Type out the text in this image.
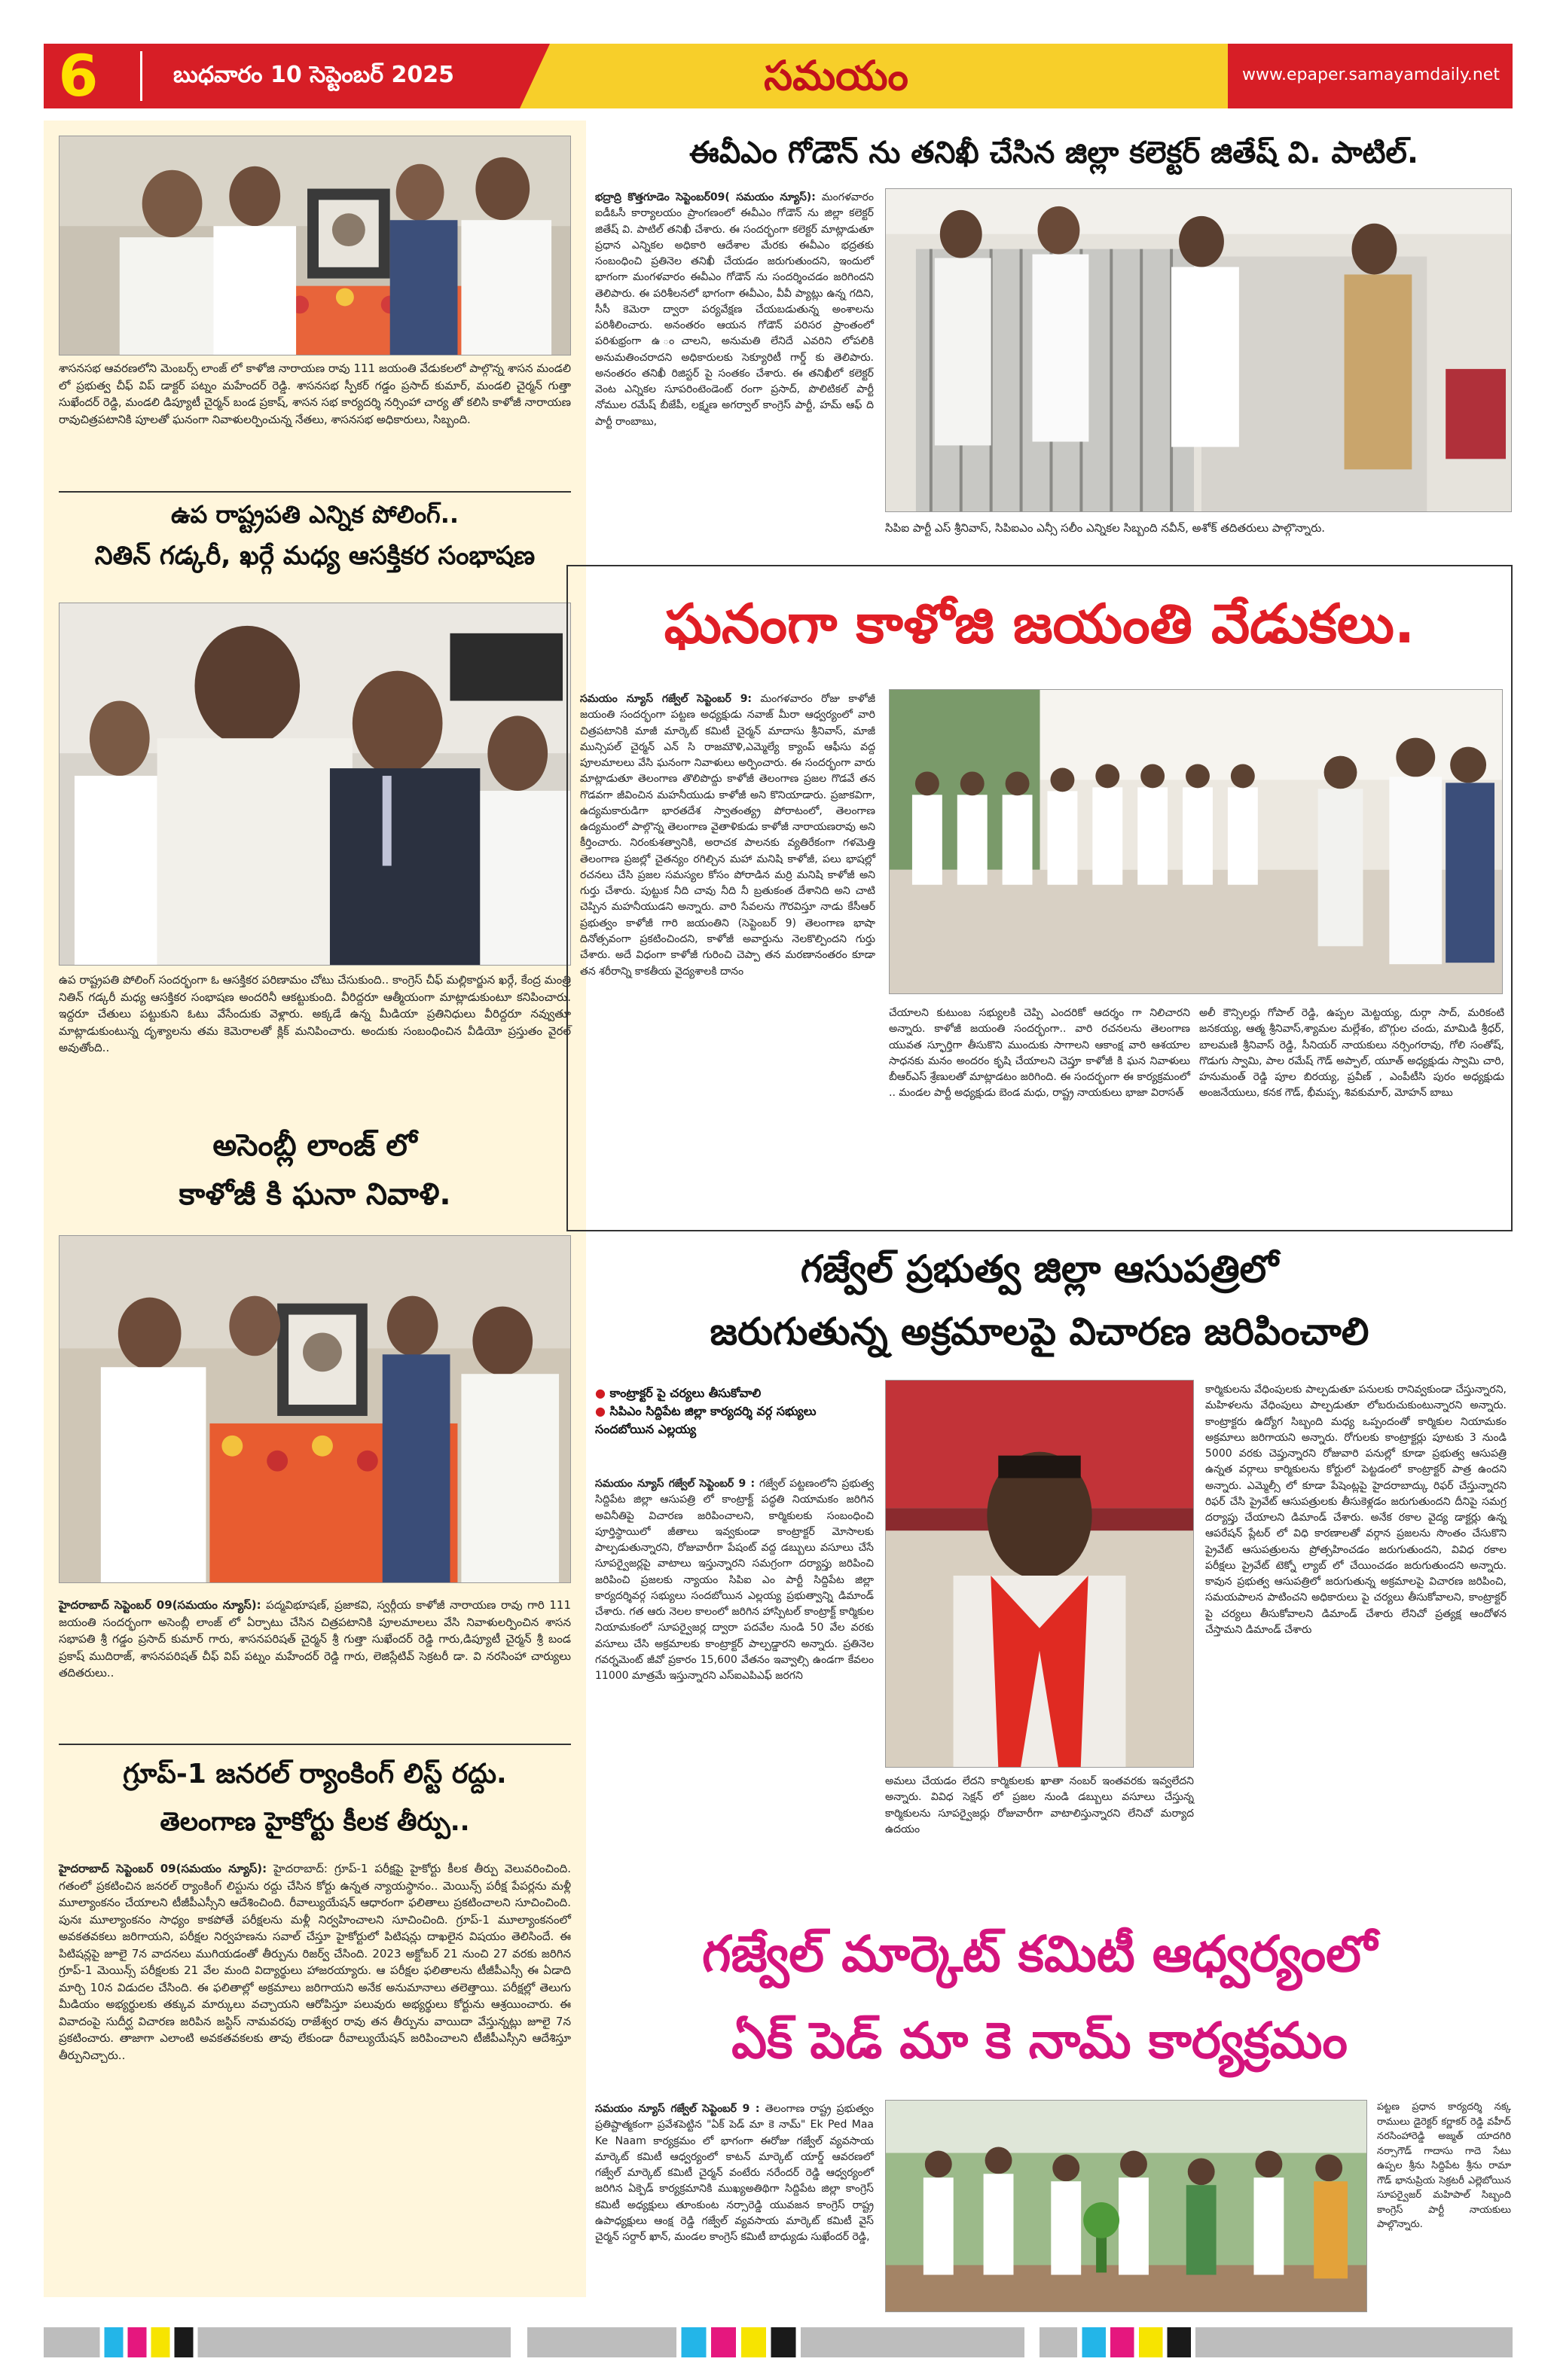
6	బుధవారం 10 సెప్టెంబర్ 2025	సమయం	www.epaper.samayamdaily.net
శాసనసభ ఆవరణలోని మెంబర్స్ లాంజ్ లో కాళోజి నారాయణ రావు 111 జయంతి వేడుకలలో పాల్గొన్న శాసన మండలి లో ప్రభుత్వ చీఫ్ విప్ డాక్టర్ పట్నం మహేందర్ రెడ్డి. శాసనసభ స్పీకర్ గడ్డం ప్రసాద్ కుమార్, మండలి చైర్మన్ గుత్తా సుఖేందర్ రెడ్డి, మండలి డిప్యూటీ చైర్మన్ బండ ప్రకాష్, శాసన సభ కార్యదర్శి నర్సింహా చార్య తో కలిసి కాళోజీ నారాయణ రావుచిత్రపటానికి పూలతో ఘనంగా నివాళులర్పించున్న నేతలు, శాసనసభ అధికారులు, సిబ్బంది.
ఉప రాష్ట్రపతి ఎన్నిక పోలింగ్..
నితిన్ గడ్కరీ, ఖర్గే మధ్య ఆసక్తికర సంభాషణ
ఉప రాష్ట్రపతి పోలింగ్ సందర్భంగా ఓ ఆసక్తికర పరిణామం చోటు చేసుకుంది.. కాంగ్రెస్ చీఫ్ మల్లికార్జున ఖర్గే, కేంద్ర మంత్రి నితిన్ గడ్కరీ మధ్య ఆసక్తికర సంభాషణ అందరినీ ఆకట్టుకుంది. వీరిద్దరూ ఆత్మీయంగా మాట్లాడుకుంటూ కనిపించారు. ఇద్దరూ చేతులు పట్టుకుని ఓటు వేసేందుకు వెళ్లారు. అక్కడే ఉన్న మీడియా ప్రతినిధులు వీరిద్దరూ నవ్వుతూ మాట్లాడుకుంటున్న దృశ్యాలను తమ కెమెరాలతో క్లిక్ మనిపించారు. అందుకు సంబంధించిన వీడియో ప్రస్తుతం వైరల్ అవుతోంది..
అసెంబ్లీ లాంజ్ లో
కాళోజీ కి ఘనా నివాళి.
హైదరాబాద్ సెప్టెంబర్ 09(సమయం న్యూస్): పద్మవిభూషణ్, ప్రజాకవి, స్వర్గీయ కాళోజీ నారాయణ రావు గారి 111 జయంతి సందర్భంగా అసెంబ్లీ లాంజ్ లో ఏర్పాటు చేసిన చిత్రపటానికి పూలమాలలు వేసి నివాళులర్పించిన శాసన సభాపతి శ్రీ గడ్డం ప్రసాద్ కుమార్ గారు, శాసనపరిషత్ చైర్మన్ శ్రీ గుత్తా సుఖేందర్ రెడ్డి గారు,డిప్యూటీ చైర్మన్ శ్రీ బండ ప్రకాష్ ముదిరాజ్, శాసనపరిషత్ చీఫ్ విప్ పట్నం మహేందర్ రెడ్డి గారు, లెజిస్లేటివ్ సెక్రటరీ డా. వి నరసింహా చార్యులు తదితరులు..
గ్రూప్-1 జనరల్ ర్యాంకింగ్ లిస్ట్ రద్దు.
తెలంగాణ హైకోర్టు కీలక తీర్పు..
హైదరాబాద్ సెప్టెంబర్ 09(సమయం న్యూస్): హైదరాబాద్: గ్రూప్-1 పరీక్షపై హైకోర్టు కీలక తీర్పు వెలువరించింది. గతంలో ప్రకటించిన జనరల్ ర్యాంకింగ్ లిస్టును రద్దు చేసిన కోర్టు ఉన్నత న్యాయస్థానం.. మెయిన్స్ పరీక్ష పేపర్లను మళ్లీ మూల్యాంకనం చేయాలని టీజీపీఎస్సీని ఆదేశించింది. రీవాల్యుయేషన్ ఆధారంగా ఫలితాలు ప్రకటించాలని సూచించింది. పునః మూల్యాంకనం సాధ్యం కాకపోతే పరీక్షలను మళ్లీ నిర్వహించాలని సూచించింది. గ్రూప్-1 మూల్యాంకనంలో అవకతవకలు జరిగాయని, పరీక్షల నిర్వహణను సవాల్ చేస్తూ హైకోర్టులో పిటిషన్లు దాఖలైన విషయం తెలిసిందే. ఈ పిటిషన్లపై జూలై 7న వాదనలు ముగియడంతో తీర్పును రిజర్వ్ చేసింది. 2023 అక్టోబర్ 21 నుంచి 27 వరకు జరిగిన గ్రూప్-1 మెయిన్స్ పరీక్షలకు 21 వేల మంది విద్యార్థులు హాజరయ్యారు. ఆ పరీక్షల ఫలితాలను టీజీపీఎస్సీ ఈ ఏడాది మార్చి 10న విడుదల చేసింది. ఈ ఫలితాల్లో అక్రమాలు జరిగాయని అనేక అనుమానాలు తలెత్తాయి. పరీక్షల్లో తెలుగు మీడియం అభ్యర్థులకు తక్కువ మార్కులు వచ్చాయని ఆరోపిస్తూ పలువురు అభ్యర్థులు కోర్టును ఆశ్రయించారు. ఈ వివాదంపై సుదీర్ఘ విచారణ జరిపిన జస్టిస్ నామవరపు రాజేశ్వర రావు తన తీర్పును వాయిదా వేస్తున్నట్లు జూలై 7న ప్రకటించారు. తాజాగా ఎలాంటి అవకతవకలకు తావు లేకుండా రీవాల్యుయేషన్ జరిపించాలని టీజీపీఎస్సీని ఆదేశిస్తూ తీర్పునిచ్చారు..
ఈవీఎం గోడౌన్ ను తనిఖీ చేసిన జిల్లా కలెక్టర్ జితేష్ వి. పాటిల్.
భద్రాద్రి కొత్తగూడెం సెప్టెంబర్09( సమయం న్యూస్): మంగళవారం ఐడీఓసీ కార్యాలయం ప్రాంగణంలో ఈవీఎం గోడౌన్ ను జిల్లా కలెక్టర్ జితేష్ వి. పాటిల్ తనిఖీ చేశారు. ఈ సందర్భంగా కలెక్టర్ మాట్లాడుతూ ప్రధాన ఎన్నికల అధికారి ఆదేశాల మేరకు ఈవీఎం భద్రతకు సంబంధించి ప్రతినెల తనిఖీ చేయడం జరుగుతుందని, ఇందులో భాగంగా మంగళవారం ఈవీఎం గోడౌన్ ను సందర్శించడం జరిగిందని తెలిపారు. ఈ పరిశీలనలో భాగంగా ఈవీఎం, వీవీ ప్యాట్లు ఉన్న గదిని, సీసీ కెమెరా ద్వారా పర్యవేక్షణ చేయబడుతున్న అంశాలను పరిశీలించారు. అనంతరం ఆయన గోడౌన్ పరిసర ప్రాంతంలో పరిశుభ్రంగా ఉ ంచాలని, అనుమతి లేనిదే ఎవరిని లోపలికి అనుమతించరాదని అధికారులకు సెక్యూరిటీ గార్డ్ కు తెలిపారు. అనంతరం తనిఖీ రిజిస్టర్ పై సంతకం చేశారు. ఈ తనిఖీలో కలెక్టర్ వెంట ఎన్నికల సూపరింటెండెంట్ రంగా ప్రసాద్, పొలిటికల్ పార్టీ నోముల రమేష్ బీజేపీ, లక్ష్మణ అగర్వాల్ కాంగ్రెస్ పార్టీ, హమ్ ఆఫ్ ది పార్టీ రాంబాబు,
సిపిఐ పార్టీ ఎస్ శ్రీనివాస్, సిపిఐఎం ఎన్సీ సలీం ఎన్నికల సిబ్బంది నవీన్, అశోక్ తదితరులు పాల్గొన్నారు.
ఘనంగా కాళోజి జయంతి వేడుకలు.
సమయం న్యూస్ గజ్వేల్ సెప్టెంబర్ 9: మంగళవారం రోజు కాళోజీ జయంతి సందర్భంగా పట్టణ అధ్యక్షుడు నవాజ్ మీరా ఆధ్వర్యంలో వారి చిత్రపటానికి మాజీ మార్కెట్ కమిటీ చైర్మన్ మాదాసు శ్రీనివాస్, మాజీ మున్సిపల్ చైర్మన్ ఎన్ సి రాజమౌళి,ఎమ్మెల్యే క్యాంప్ ఆఫీసు వద్ద పూలమాలలు వేసి ఘనంగా నివాళులు అర్పించారు. ఈ సందర్భంగా వారు మాట్లాడుతూ తెలంగాణ తొలిపొద్దు కాళోజీ తెలంగాణ ప్రజల గొడవే తన గొడవగా జీవించిన మహనీయుడు కాళోజీ అని కొనియాడారు. ప్రజాకవిగా, ఉద్యమకారుడిగా భారతదేశ స్వాతంత్య్ర పోరాటంలో, తెలంగాణ ఉద్యమంలో పాల్గొన్న తెలంగాణ వైతాళికుడు కాళోజీ నారాయణరావు అని కీర్తించారు. నిరంకుశత్వానికి, అరాచక పాలనకు వ్యతిరేకంగా గళమెత్తి తెలంగాణ ప్రజల్లో చైతన్యం రగిల్చిన మహా మనిషి కాళోజీ, పలు భాషల్లో రచనలు చేసి ప్రజల సమస్యల కోసం పోరాడిన మర్రి మనిషి కాళోజీ అని గుర్తు చేశారు. పుట్టుక నీది చావు నీది నీ బ్రతుకంత దేశానిది అని చాటి చెప్పిన మహనీయుడని అన్నారు. వారి సేవలను గౌరవిస్తూ నాడు కేసీఆర్ ప్రభుత్వం కాళోజీ గారి జయంతిని (సెప్టెంబర్ 9) తెలంగాణ భాషా దినోత్సవంగా ప్రకటించిందని, కాళోజీ అవార్డును నెలకొల్పిందని గుర్తు చేశారు. అదే విధంగా కాళోజీ గురించి చెప్పా తన మరణానంతరం కూడా తన శరీరాన్ని కాకతీయ వైద్యశాలకి దానం
చేయాలని కుటుంబ సభ్యులకి చెప్పి ఎందరికో ఆదర్శం గా నిలిచారని అన్నారు. కాళోజీ జయంతి సందర్భంగా.. వారి రచనలను తెలంగాణ యువత స్ఫూర్తిగా తీసుకొని ముందుకు సాగాలని ఆకాంక్ష వారి ఆశయాల సాధనకు మనం అందరం కృషి చేయాలని చెప్తూ కాళోజీ కి ఘన నివాళులు బీఆర్ఎస్ శ్రేణులతో మాట్లాడటం జరిగింది. ఈ సందర్భంగా ఈ కార్యక్రమంలో .. మండల పార్టీ అధ్యక్షుడు బెండ మధు, రాష్ట్ర నాయకులు భాజా విరాసత్
అలీ కౌన్సిలర్లు గోపాల్ రెడ్డి, ఉప్పల మెట్టయ్య, దుర్గా సాద్, మరికంటి జనకయ్య, ఆత్మ శ్రీనివాస్,శ్యామల మల్లేశం, బొగ్గుల చందు, మామిడి శ్రీధర్, బాలమణి శ్రీనివాస్ రెడ్డి, సీనియర్ నాయకులు నర్సింగరావు, గోలి సంతోష్, గొడుగు స్వామి, పాల రమేష్ గౌడ్ అప్పాల్, యూత్ అధ్యక్షుడు స్వామి చారి, హనుమంత్ రెడ్డి పూల బిరయ్య, ప్రవీణ్ , ఎంపీటీసి పురం అధ్యక్షుడు అంజనేయులు, కనక గౌడ్, భీమప్ప, శివకుమార్, మోహన్ బాబు
గజ్వేల్ ప్రభుత్వ జిల్లా ఆసుపత్రిలో
జరుగుతున్న అక్రమాలపై విచారణ జరిపించాలి
● కాంట్రాక్టర్ పై చర్యలు తీసుకోవాలి
● సిపిఎం సిద్దిపేట జిల్లా కార్యదర్శి వర్గ సభ్యులు సందబోయిన ఎల్లయ్య
సమయం న్యూస్ గజ్వేల్ సెప్టెంబర్ 9 : గజ్వేల్ పట్టణంలోని ప్రభుత్వ సిద్దిపేట జిల్లా ఆసుపత్రి లో కాంట్రాక్ట్ పద్ధతి నియామకం జరిగిన అవినీతిపై విచారణ జరిపించాలని, కార్మికులకు సంబంధించి పూర్తిస్థాయిలో జీతాలు ఇవ్వకుండా కాంట్రాక్టర్ మోసాలకు పాల్పడుతున్నారని, రోజువారీగా పేషంట్ వద్ద డబ్బులు వసూలు చేసే సూపర్వైజర్లపై వాటాలు ఇస్తున్నారని సమగ్రంగా దర్యాప్తు జరిపించి జరిపించి ప్రజలకు న్యాయం సిపిఐ ఎం పార్టీ సిద్దిపేట జిల్లా కార్యదర్శివర్గ సభ్యులు సందబోయిన ఎల్లయ్య ప్రభుత్వాన్ని డిమాండ్ చేశారు. గత ఆరు నెలల కాలంలో జరిగిన హాస్పిటల్ కాంట్రాక్ట్ కార్మికుల నియామకంలో సూపర్వైజర్ల ద్వారా పదవేల నుండి 50 వేల వరకు వసూలు చేసి అక్రమాలకు కాంట్రాక్టర్ పాల్పడ్డారని అన్నారు. ప్రతినెల గవర్నమెంట్ జీవో ప్రకారం 15,600 వేతనం ఇవ్వాల్సి ఉండగా కేవలం 11000 మాత్రమే ఇస్తున్నారని ఎస్ఐఎపిఎఫ్ జరగని
అమలు చేయడం లేదని కార్మికులకు ఖాతా నంబర్ ఇంతవరకు ఇవ్వలేదని అన్నారు. వివిధ సెక్షన్ లో ప్రజల నుండి డబ్బులు వసూలు చేస్తున్న కార్మికులను సూపర్వైజర్లు రోజువారీగా వాటాలిస్తున్నారని లేనిచో మర్యాద ఉదయం
కార్మికులను వేధింపులకు పాల్పడుతూ పనులకు రానివ్వకుండా చేస్తున్నారని, మహిళలను వేధింపులు పాల్పడుతూ లోబరుచుకుంటున్నారని అన్నారు. కాంట్రాక్టరు ఉద్యోగ సిబ్బంది మధ్య ఒప్పందంతో కార్మికుల నియామకం అక్రమాలు జరిగాయని అన్నారు. రోగులకు కాంట్రాక్టర్లు పూటకు 3 నుండి 5000 వరకు చెప్తున్నారని రోజువారి పనుల్లో కూడా ప్రభుత్వ ఆసుపత్రి ఉన్నత వర్గాలు కార్మికులను కోర్టులో పెట్టడంలో కాంట్రాక్టర్ పాత్ర ఉందని అన్నారు. ఎమ్మెల్సీ లో కూడా పేషెంట్లపై హైదరాబాద్కు రిఫర్ చేస్తున్నారని రిఫర్ చేసి ప్రైవేట్ ఆసుపత్రులకు తీసుకెళ్లడం జరుగుతుందని దీనిపై సమగ్ర దర్యాప్తు చేయాలని డిమాండ్ చేశారు. అనేక రకాల వైద్య డాక్టర్లు ఉన్న ఆపరేషన్ ప్లేటర్ లో విధి కారణాలతో వర్గాన ప్రజలను సొంతం చేసుకొని ప్రైవేట్ ఆసుపత్రులను ప్రోత్సహించడం జరుగుతుందని, వివిధ రకాల పరీక్షలు ప్రైవేట్ టెక్నో ల్యాబ్ లో చేయించడం జరుగుతుందని అన్నారు. కావున ప్రభుత్వ ఆసుపత్రిలో జరుగుతున్న అక్రమాలపై విచారణ జరిపించి, సమయపాలన పాటించని అధికారులు పై చర్యలు తీసుకోవాలని, కాంట్రాక్టర్ పై చర్యలు తీసుకోవాలని డిమాండ్ చేశారు లేనిచో ప్రత్యక్ష ఆందోళన చేస్తామని డిమాండ్ చేశారు
గజ్వేల్ మార్కెట్ కమిటీ ఆధ్వర్యంలో
ఏక్ పెడ్ మా కె నామ్ కార్యక్రమం
సమయం న్యూస్ గజ్వేల్ సెప్టెంబర్ 9 : తెలంగాణ రాష్ట్ర ప్రభుత్వం ప్రతిష్టాత్మకంగా ప్రవేశపెట్టిన "ఏక్ పెడ్ మా కె నామ్" Ek Ped Maa Ke Naam కార్యక్రమం లో భాగంగా ఈరోజు గజ్వేల్ వ్యవసాయ మార్కెట్ కమిటీ ఆధ్వర్యంలో కాటన్ మార్కెట్ యార్డ్ ఆవరణలో గజ్వేల్ మార్కెట్ కమిటీ చైర్మన్ వంటేరు నరేందర్ రెడ్డి ఆధ్వర్యంలో జరిగిన ఏక్పెడ్ కార్యక్రమానికి ముఖ్యఅతిథిగా సిద్దిపేట జిల్లా కాంగ్రెస్ కమిటీ అధ్యక్షులు తూంకుంట నర్సారెడ్డి యువజన కాంగ్రెస్ రాష్ట్ర ఉపాధ్యక్షులు ఆంక్ష రెడ్డి గజ్వేల్ వ్యవసాయ మార్కెట్ కమిటీ వైస్ చైర్మన్ సర్దార్ ఖాన్, మండల కాంగ్రెస్ కమిటీ బాధ్యుడు సుఖేందర్ రెడ్డి,
పట్టణ ప్రధాన కార్యదర్శి నక్క రాములు డైరెక్టర్ కర్ణాకర్ రెడ్డి వహీద్ నరసింహారెడ్డి అజ్మత్ యాదగిరి నర్సాగౌడ్ గాదాసు గాదె సేటు ఉప్పల శ్రీను సిద్దిపేట శ్రీను రామా గౌడ్ భానుప్రియ సెక్రటరీ ఎల్లెబోయిన సూపర్వైజర్ మహిపాల్ సిబ్బంది కాంగ్రెస్ పార్టీ నాయకులు పాల్గొన్నారు.
